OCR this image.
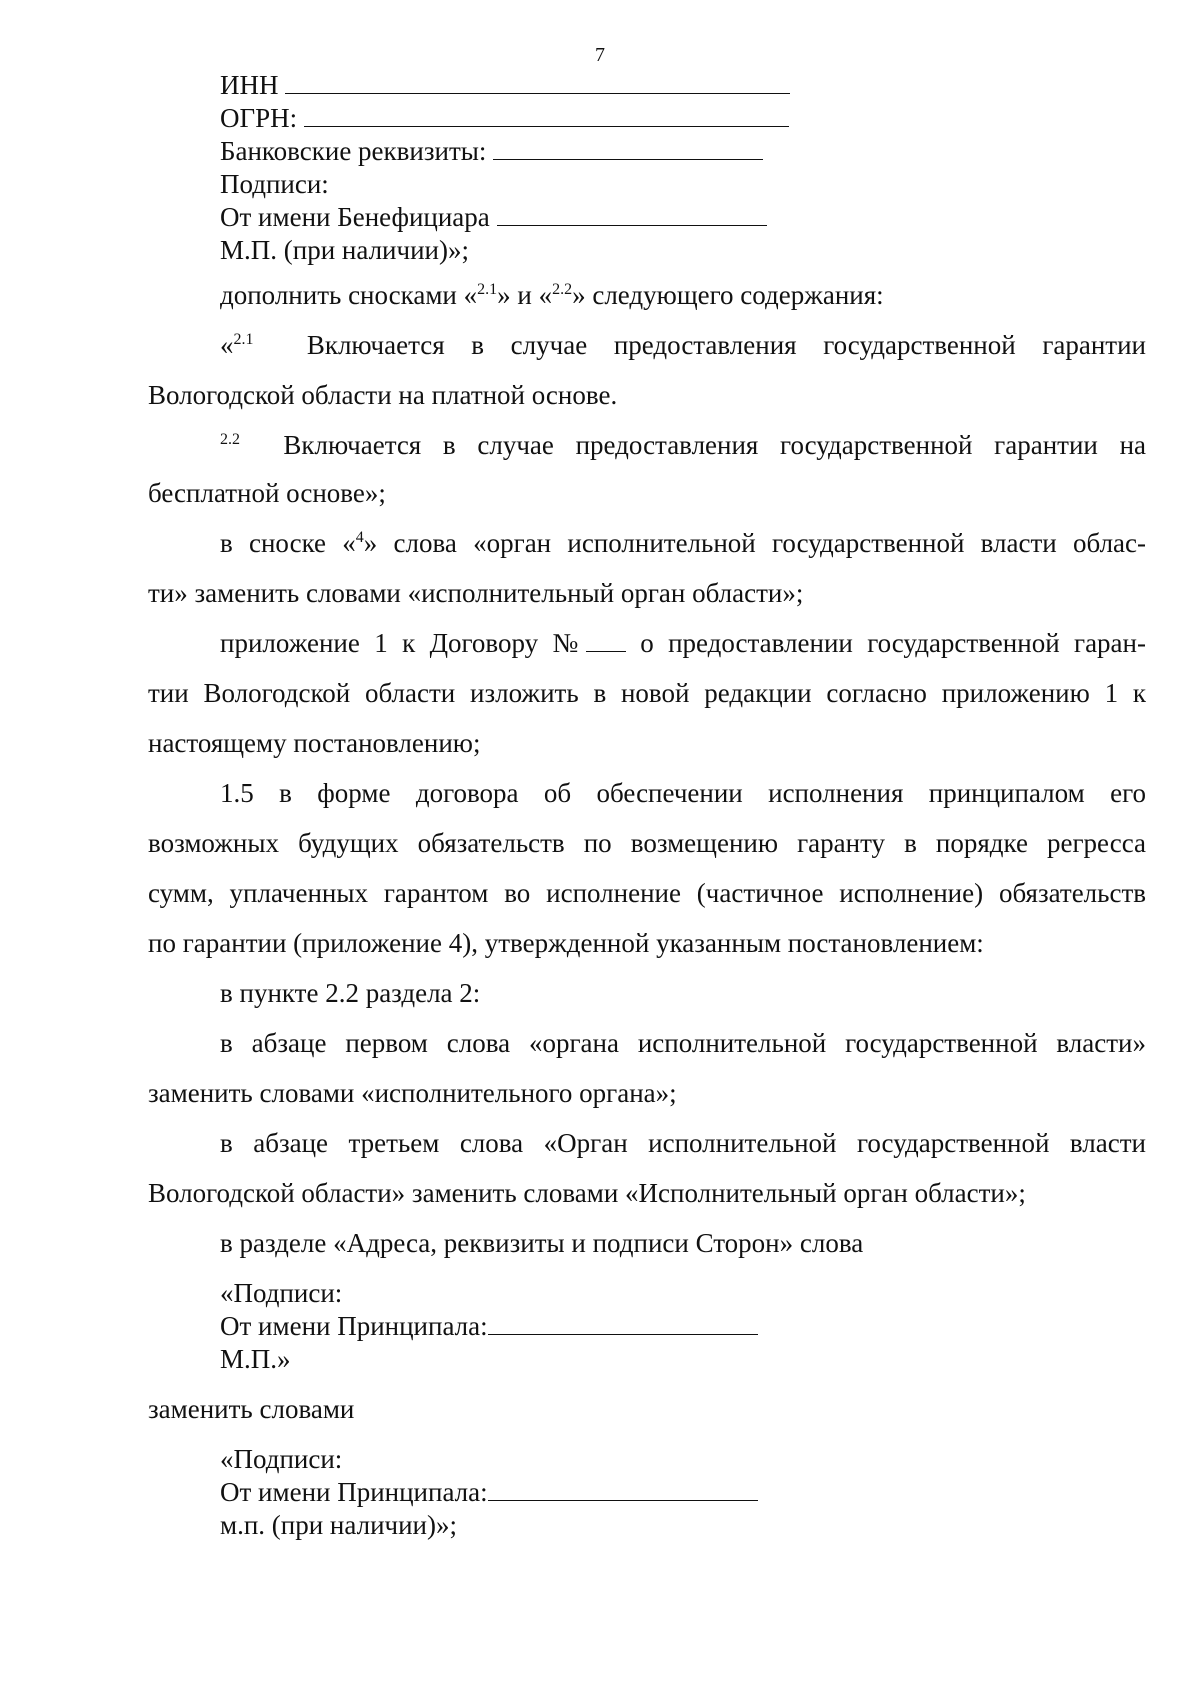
7
ИНН
ОГРН:
Банковские реквизиты:
Подписи:
От имени Бенефициара
М.П. (при наличии)»;
дополнить сносками «$^{2.1}$» и «$^{2.2}$» следующего содержания:
«$^{2.1}$ Включается в случае предоставления государственной гарантии
Вологодской области на платной основе.
$^{2.2}$ Включается в случае предоставления государственной гарантии на
бесплатной основе»;
в сноске «$^4$» слова «орган исполнительной государственной власти облас-
ти» заменить словами «исполнительный орган области»;
приложение 1 к Договору № о предоставлении государственной гаран-
тии Вологодской области изложить в новой редакции согласно приложению 1 к
настоящему постановлению;
1.5 в форме договора об обеспечении исполнения принципалом его
возможных будущих обязательств по возмещению гаранту в порядке регресса
сумм, уплаченных гарантом во исполнение (частичное исполнение) обязательств
по гарантии (приложение 4), утвержденной указанным постановлением:
в пункте 2.2 раздела 2:
в абзаце первом слова «органа исполнительной государственной власти»
заменить словами «исполнительного органа»;
в абзаце третьем слова «Орган исполнительной государственной власти
Вологодской области» заменить словами «Исполнительный орган области»;
в разделе «Адреса, реквизиты и подписи Сторон» слова
«Подписи:
От имени Принципала:
М.П.»
заменить словами
«Подписи:
От имени Принципала:
м.п. (при наличии)»;
